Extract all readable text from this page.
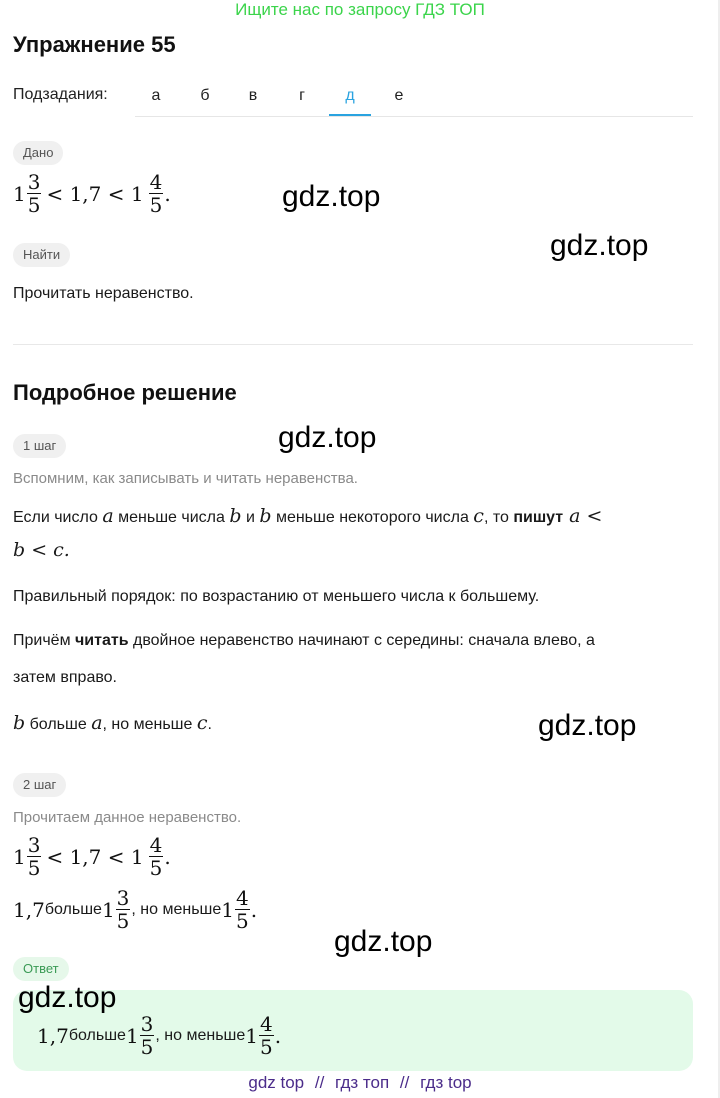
Ищите нас по запросу ГДЗ ТОП
Упражнение 55
Подзадания:	а	б	в	г	д	е
Дано
$1 \frac{3}{5} < 1,7 < 1 \frac{4}{5}$ .
Найти
Прочитать неравенство.
Подробное решение
1 шаг
Вспомним, как записывать и читать неравенства.
Если число a меньше числа b и b меньше некоторого числа c, то пишут a <
b < c.
Правильный порядок: по возрастанию от меньшего числа к большему.
Причём читать двойное неравенство начинают с середины: сначала влево, а
затем вправо.
b больше a, но меньше c.
2 шаг
Прочитаем данное неравенство.
$1 \frac{3}{5} < 1,7 < 1 \frac{4}{5}$ .
1,7 больше $1 \frac{3}{5}$ , но меньше $1 \frac{4}{5}$ .
Ответ
1,7 больше $1 \frac{3}{5}$ , но меньше $1 \frac{4}{5}$ .
gdz.top
gdz.top
gdz.top
gdz.top
gdz.top
gdz.top
gdz top // гдз топ // гдз top
